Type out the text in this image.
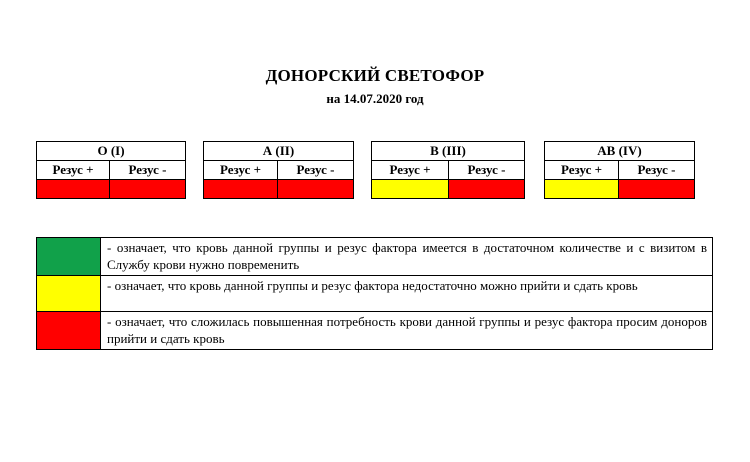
ДОНОРСКИЙ СВЕТОФОР
на 14.07.2020 год
О (I)	
Резус +	Резус -

А (II)	
Резус +	Резус -

В (III)	
Резус +	Резус -

АВ (IV)	
Резус +	Резус -

	- означает, что кровь данной группы и резус фактора имеется в достаточном количестве и с визитом в Службу крови нужно повременить
	- означает, что кровь данной группы и резус фактора недостаточно можно прийти и сдать кровь
	- означает, что сложилась повышенная потребность крови данной группы и резус фактора просим доноров прийти и сдать кровь
